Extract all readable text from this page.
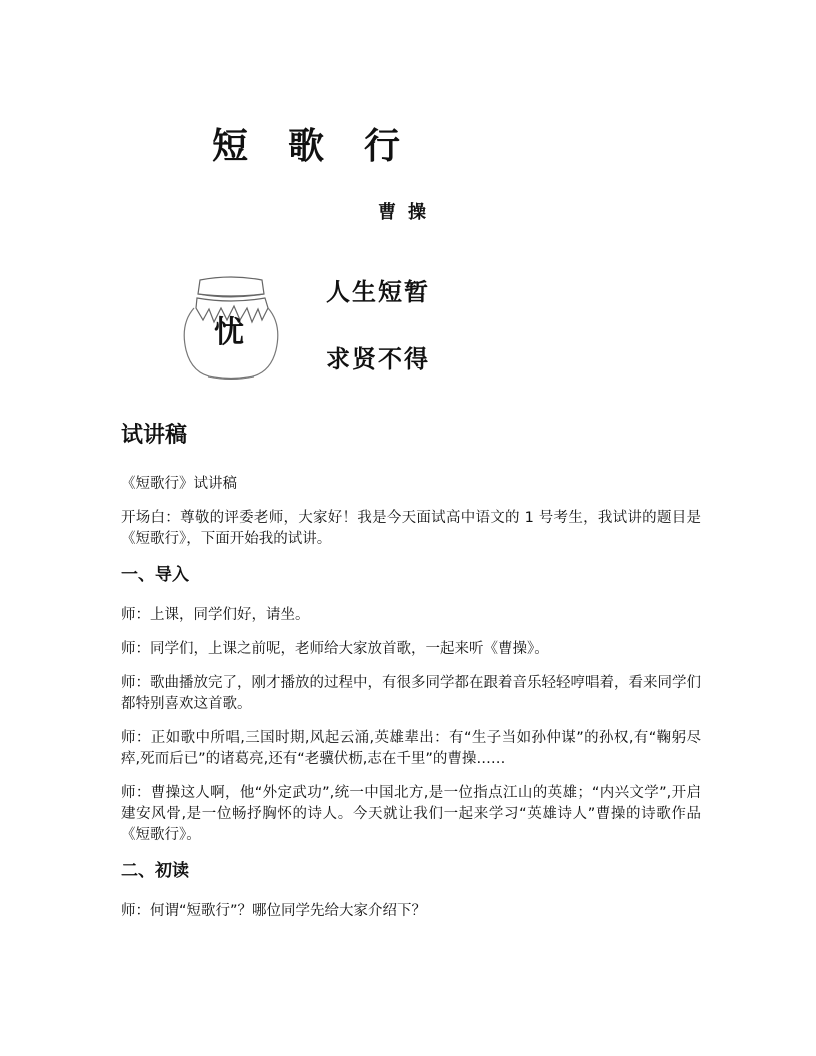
短歌行
曹操
忧
人生短暂
求贤不得
试讲稿

《短歌行》试讲稿

开场白：尊敬的评委老师，大家好！我是今天面试高中语文的 1 号考生，我试讲的题目是《短歌行》，下面开始我的试讲。

一、导入

师：上课，同学们好，请坐。

师：同学们，上课之前呢，老师给大家放首歌，一起来听《曹操》。

师：歌曲播放完了，刚才播放的过程中，有很多同学都在跟着音乐轻轻哼唱着，看来同学们都特别喜欢这首歌。

师：正如歌中所唱,三国时期,风起云涌,英雄辈出：有“生子当如孙仲谋”的孙权,有“鞠躬尽瘁,死而后已”的诸葛亮,还有“老骥伏枥,志在千里”的曹操……

师：曹操这人啊，他“外定武功”,统一中国北方,是一位指点江山的英雄；“内兴文学”,开启建安风骨,是一位畅抒胸怀的诗人。今天就让我们一起来学习“英雄诗人”曹操的诗歌作品《短歌行》。

二、初读

师：何谓“短歌行”？哪位同学先给大家介绍下？
